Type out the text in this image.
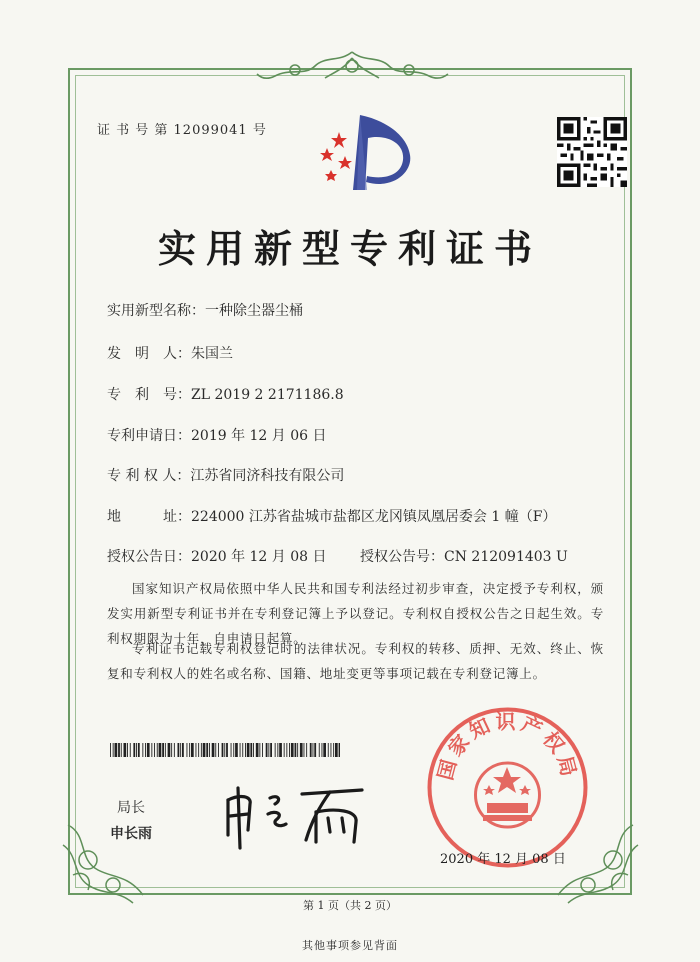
证 书 号 第 12099041 号
实用新型专利证书
实用新型名称：一种除尘器尘桶
发　明　人：朱国兰
专　利　号：ZL 2019 2 2171186.8
专利申请日：2019 年 12 月 06 日
专 利 权 人：江苏省同济科技有限公司
地　　　址：224000 江苏省盐城市盐都区龙冈镇凤凰居委会 1 幢（F）
授权公告日：2020 年 12 月 08 日 授权公告号：CN 212091403 U
国家知识产权局依照中华人民共和国专利法经过初步审查，决定授予专利权，颁发实用新型专利证书并在专利登记簿上予以登记。专利权自授权公告之日起生效。专利权期限为十年，自申请日起算。
专利证书记载专利权登记时的法律状况。专利权的转移、质押、无效、终止、恢复和专利权人的姓名或名称、国籍、地址变更等事项记载在专利登记簿上。
局长
申长雨
国家知识产权局
2020 年 12 月 08 日
第 1 页（共 2 页）
其他事项参见背面
